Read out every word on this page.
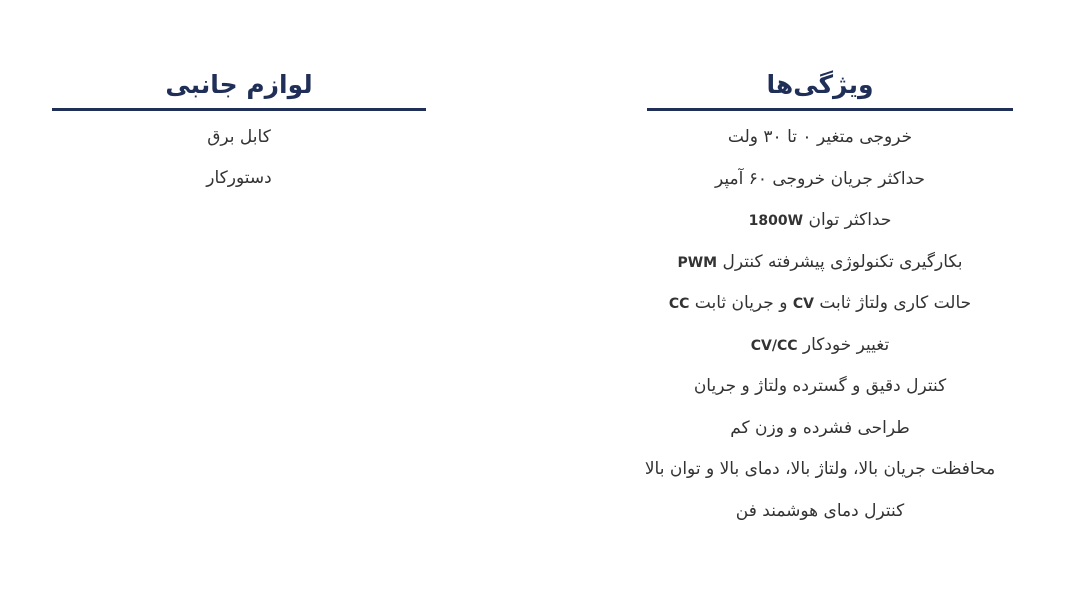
ویژگی‌ها
خروجی متغیر ۰ تا ۳۰ ولت
حداکثر جریان خروجی ۶۰ آمپر
حداکثر توان 1800W
بکارگیری تکنولوژی پیشرفته کنترل PWM
حالت کاری ولتاژ ثابت CV و جریان ثابت CC
تغییر خودکار CV/CC
کنترل دقیق و گسترده ولتاژ و جریان
طراحی فشرده و وزن کم
محافظت جریان بالا، ولتاژ بالا، دمای بالا و توان بالا
کنترل دمای هوشمند فن
لوازم جانبی
کابل برق
دستورکار
